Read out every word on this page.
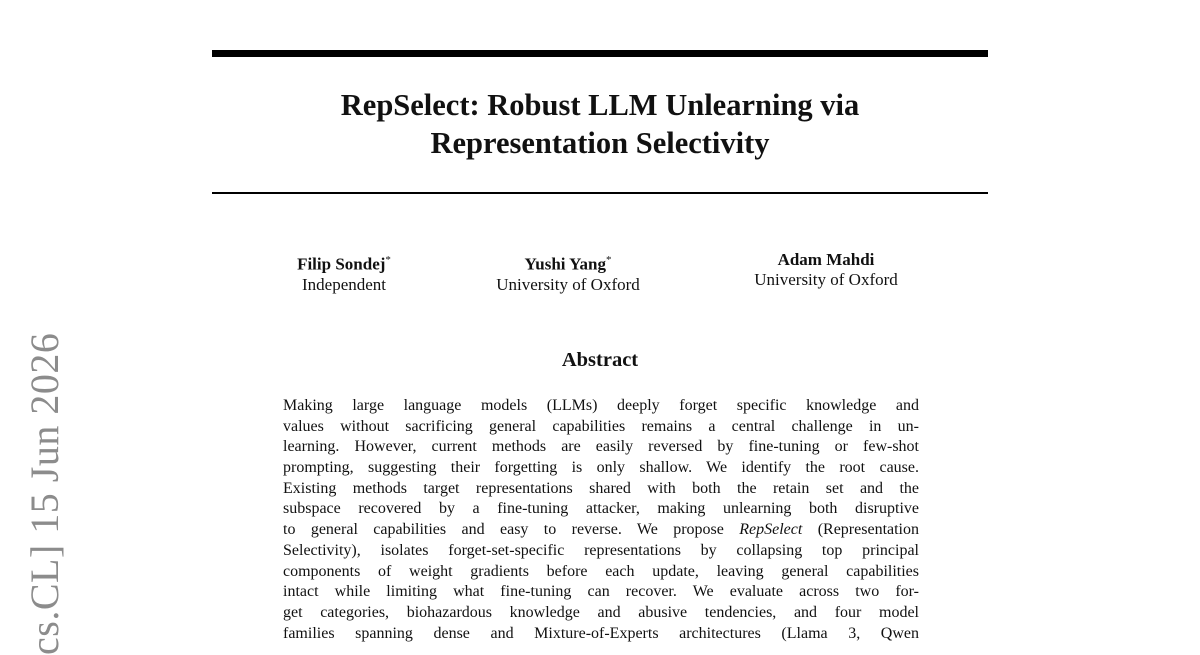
RepSelect: Robust LLM Unlearning via
Representation Selectivity
Filip Sondej*
Independent
Yushi Yang*
University of Oxford
Adam Mahdi
University of Oxford
Abstract
Making large language models (LLMs) deeply forget specific knowledge and
values without sacrificing general capabilities remains a central challenge in un-
learning. However, current methods are easily reversed by fine-tuning or few-shot
prompting, suggesting their forgetting is only shallow. We identify the root cause.
Existing methods target representations shared with both the retain set and the
subspace recovered by a fine-tuning attacker, making unlearning both disruptive
to general capabilities and easy to reverse. We propose RepSelect (Representation
Selectivity), isolates forget-set-specific representations by collapsing top principal
components of weight gradients before each update, leaving general capabilities
intact while limiting what fine-tuning can recover. We evaluate across two for-
get categories, biohazardous knowledge and abusive tendencies, and four model
families spanning dense and Mixture-of-Experts architectures (Llama 3, Qwen
cs.CL] 15 Jun 2026
